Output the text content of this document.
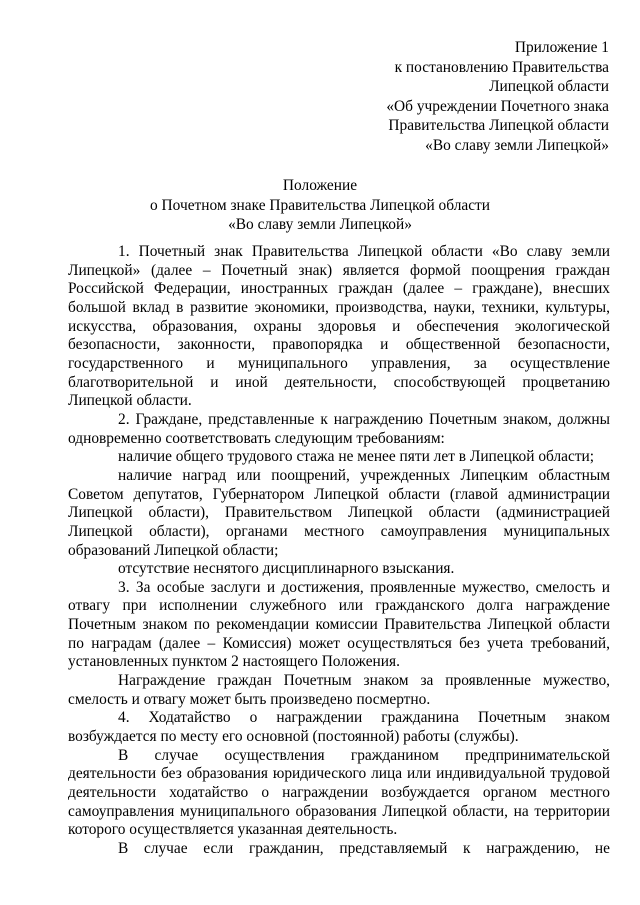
Приложение 1
к постановлению Правительства
Липецкой области
«Об учреждении Почетного знака
Правительства Липецкой области
«Во славу земли Липецкой»
Положение
о Почетном знаке Правительства Липецкой области
«Во славу земли Липецкой»

1. Почетный знак Правительства Липецкой области «Во славу земли Липецкой» (далее – Почетный знак) является формой поощрения граждан Российской Федерации, иностранных граждан (далее – граждане), внесших большой вклад в развитие экономики, производства, науки, техники, культуры, искусства, образования, охраны здоровья и обеспечения экологической безопасности, законности, правопорядка и общественной безопасности, государственного и муниципального управления, за осуществление благотворительной и иной деятельности, способствующей процветанию Липецкой области.

2. Граждане, представленные к награждению Почетным знаком, должны одновременно соответствовать следующим требованиям:

наличие общего трудового стажа не менее пяти лет в Липецкой области;

наличие наград или поощрений, учрежденных Липецким областным Советом депутатов, Губернатором Липецкой области (главой администрации Липецкой области), Правительством Липецкой области (администрацией Липецкой области), органами местного самоуправления муниципальных образований Липецкой области;

отсутствие неснятого дисциплинарного взыскания.

3. За особые заслуги и достижения, проявленные мужество, смелость и отвагу при исполнении служебного или гражданского долга награждение Почетным знаком по рекомендации комиссии Правительства Липецкой области по наградам (далее – Комиссия) может осуществляться без учета требований, установленных пунктом 2 настоящего Положения.

Награждение граждан Почетным знаком за проявленные мужество, смелость и отвагу может быть произведено посмертно.

4. Ходатайство о награждении гражданина Почетным знаком возбуждается по месту его основной (постоянной) работы (службы).

В случае осуществления гражданином предпринимательской деятельности без образования юридического лица или индивидуальной трудовой деятельности ходатайство о награждении возбуждается органом местного самоуправления муниципального образования Липецкой области, на территории которого осуществляется указанная деятельность.

В случае если гражданин, представляемый к награждению, не
